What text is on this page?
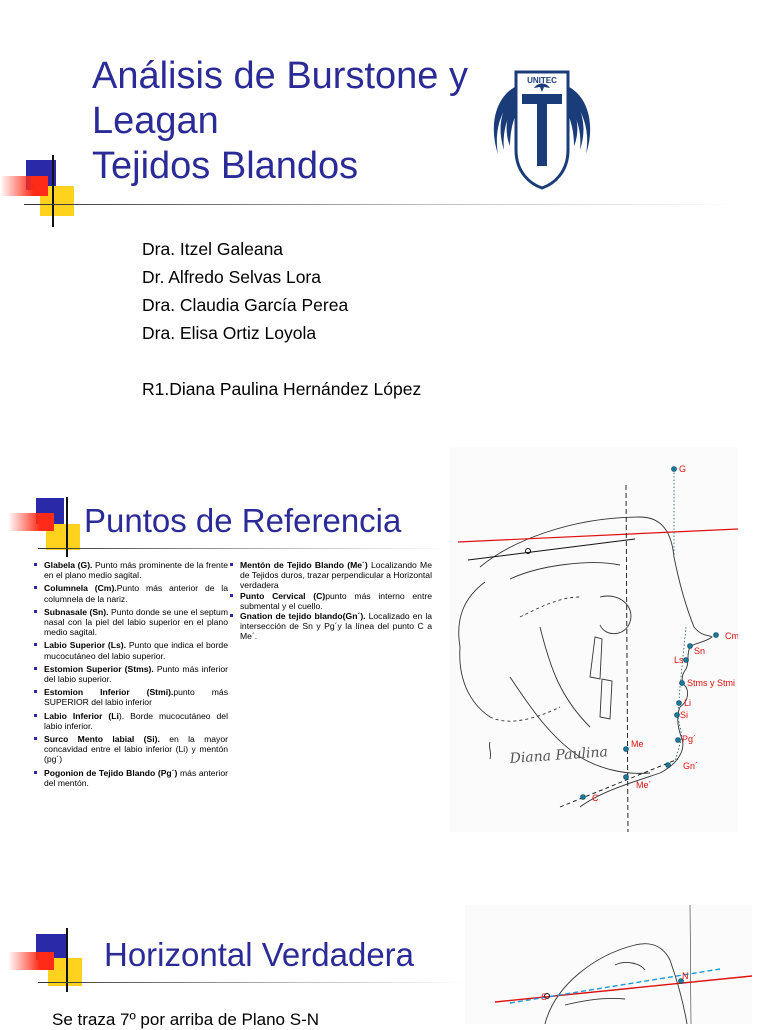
Análisis de Burstone y
Leagan
Tejidos Blandos
UNITEC
Dra. Itzel Galeana
Dr. Alfredo Selvas Lora
Dra. Claudia García Perea
Dra. Elisa Ortiz Loyola
R1.Diana Paulina Hernández López
Puntos de Referencia
Glabela (G). Punto más prominente de la frente en el plano medio sagital.
Columnela (Cm).Punto más anterior de la columnela de la nariz.
Subnasale (Sn). Punto donde se une el septum nasal con la piel del labio superior en el plano medio sagital.
Labio Superior (Ls). Punto que indica el borde mucocutáneo del labio superior.
Estomion Superior (Stms). Punto más inferior del labio superior.
Estomion Inferior (Stmi).punto más SUPERIOR del labio inferior
Labio Inferior (Li). Borde mucocutáneo del labio inferior.
Surco Mento labial (Si). en la mayor concavidad entre el labio inferior (Li) y mentón (pg´)
Pogonion de Tejido Blando (Pg´) más anterior del mentón.
Mentón de Tejido Blando (Me´) Localizando Me de Tejidos duros, trazar perpendicular a Horizontal verdadera
Punto Cervical (C)punto más interno entre submental y el cuello.
Gnation de tejido blando(Gn´). Localizado en la intersección de Sn y Pg´y la línea del punto C a Me´.
Diana Paulina
G
Cm
Sn
Ls
Stms y Stmi
Li
Si
Me	Pg´
Gn´
Me´
C
Horizontal Verdadera
Se traza 7º por arriba de Plano S-N
S
N
